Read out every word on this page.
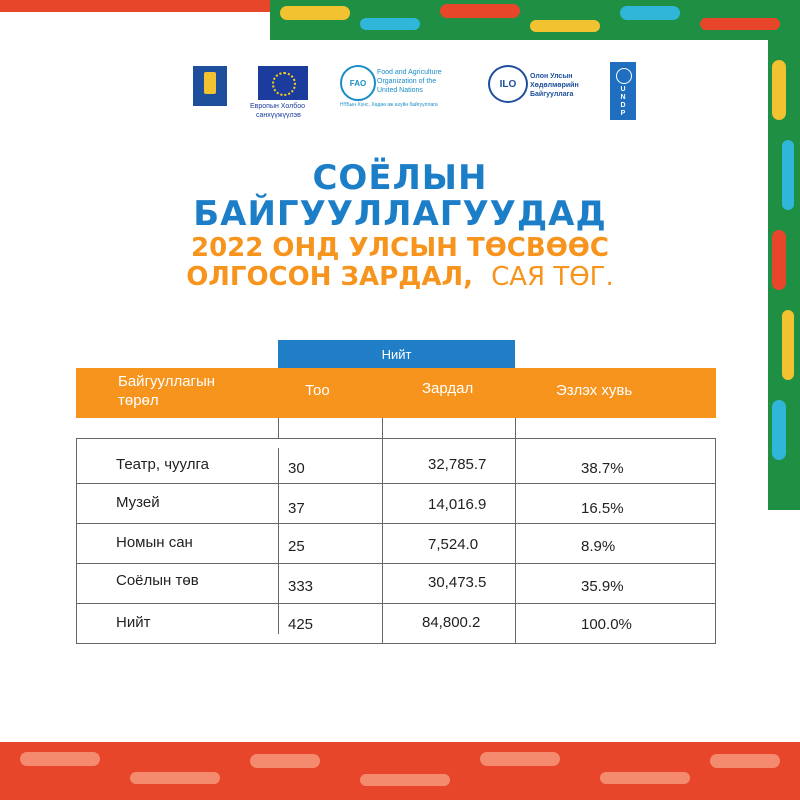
Европын Холбоо
санхүүжүүлэв
FAO
Food and Agriculture
Organization of the
United Nations
НҮБын Хүнс, Хөдөө аж ахуйн байгууллага
ILO
Олон Улсын
Хөдөлмөрийн
Байгууллага
U
N
D
P
СОЁЛЫН
БАЙГУУЛЛАГУУДАД
2022 ОНД УЛСЫН ТӨСВӨӨС
ОЛГОСОН ЗАРДАЛ, САЯ ТӨГ.
Нийт
Байгууллагын
төрөл
Тоо	Зардал	Эзлэх хувь
Театр, чуулга	30	32,785.7	38.7%
Музей	37	14,016.9	16.5%
Номын сан	25	7,524.0	8.9%
Соёлын төв	333	30,473.5	35.9%
Нийт	425	84,800.2	100.0%
